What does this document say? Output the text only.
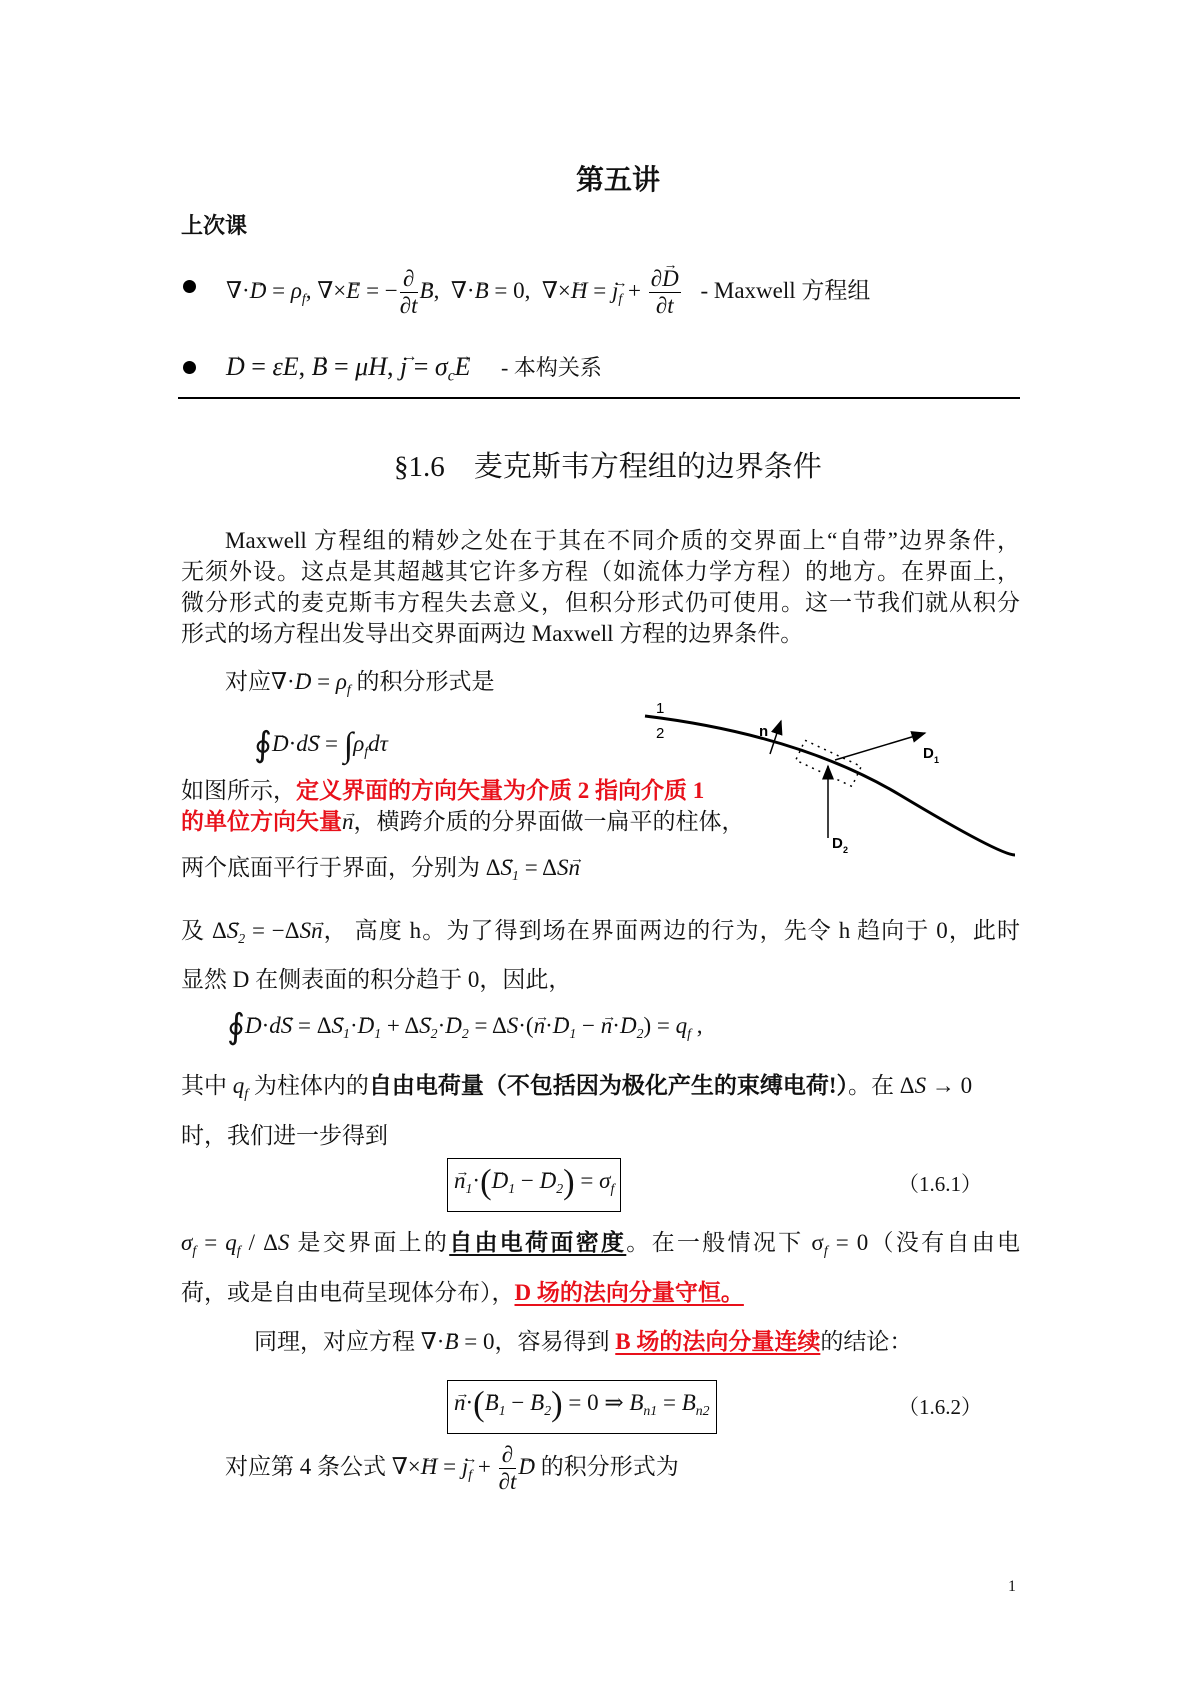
第五讲
上次课
∇·→ $D = \rho_f$, ∇×→ E = − $\frac{\partial}{\partial t} \to B$,  ∇·→ B = 0,  ∇×→ H = → $j_f + \frac{\partial\to D}{\partial t}$ - Maxwell 方程组
→ D = εE, → B = μH, → $j = \sigma_c\to E$ - 本构关系
§1.6　麦克斯韦方程组的边界条件
Maxwell 方程组的精妙之处在于其在不同介质的交界面上“自带”边界条件，
无须外设。这点是其超越其它许多方程（如流体力学方程）的地方。在界面上，
微分形式的麦克斯韦方程失去意义，但积分形式仍可使用。这一节我们就从积分
形式的场方程出发导出交界面两边 Maxwell 方程的边界条件。
对应∇·→ $D = \rho_f$ 的积分形式是
∮→ $D\cdot d\to S = \int\rho_fd\tau$
如图所示，定义界面的方向矢量为介质 2 指向介质 1
的单位方向矢量→ n，横跨介质的分界面做一扁平的柱体，
两个底面平行于界面，分别为 $\Delta\to S_1 = \Delta S\to n$
及 $\Delta\to S_2 = -\Delta S\to n$， 高度 h。为了得到场在界面两边的行为，先令 h 趋向于 0，此时
显然 D 在侧表面的积分趋于 0，因此，
∮→ $D\cdot d\to S = \Delta\to S_1\cdot\to D_1 + \Delta\to S_2\cdot\to D_2 = \Delta S\cdot(\to n\cdot\to D_1$ − → $n\cdot\to D_2) = q_f$ ,
1
2	n
D 1
D 2
其中 $q_f$ 为柱体内的自由电荷量（不包括因为极化产生的束缚电荷!）。在 ΔS → 0
时，我们进一步得到
→ $n_1\cdot(\to D_1$ − → $D_2) = \sigma_f$	（1.6.1）
$\sigma_f = q_f / \Delta S$ 是交界面上的自由电荷面密度。在一般情况下 $\sigma_f = 0$（没有自由电
荷，或是自由电荷呈现体分布），D 场的法向分量守恒。
同理，对应方程 ∇·→ B = 0，容易得到 B 场的法向分量连续的结论：
→ $n\cdot(\to B_1$ − → $B_2) = 0$ ⇒ $B_{n1} = B_{n2}$	（1.6.2）
对应第 4 条公式 ∇×→ H = → $j_f + \frac{\partial}{\partial t} \to D$ 的积分形式为
1
